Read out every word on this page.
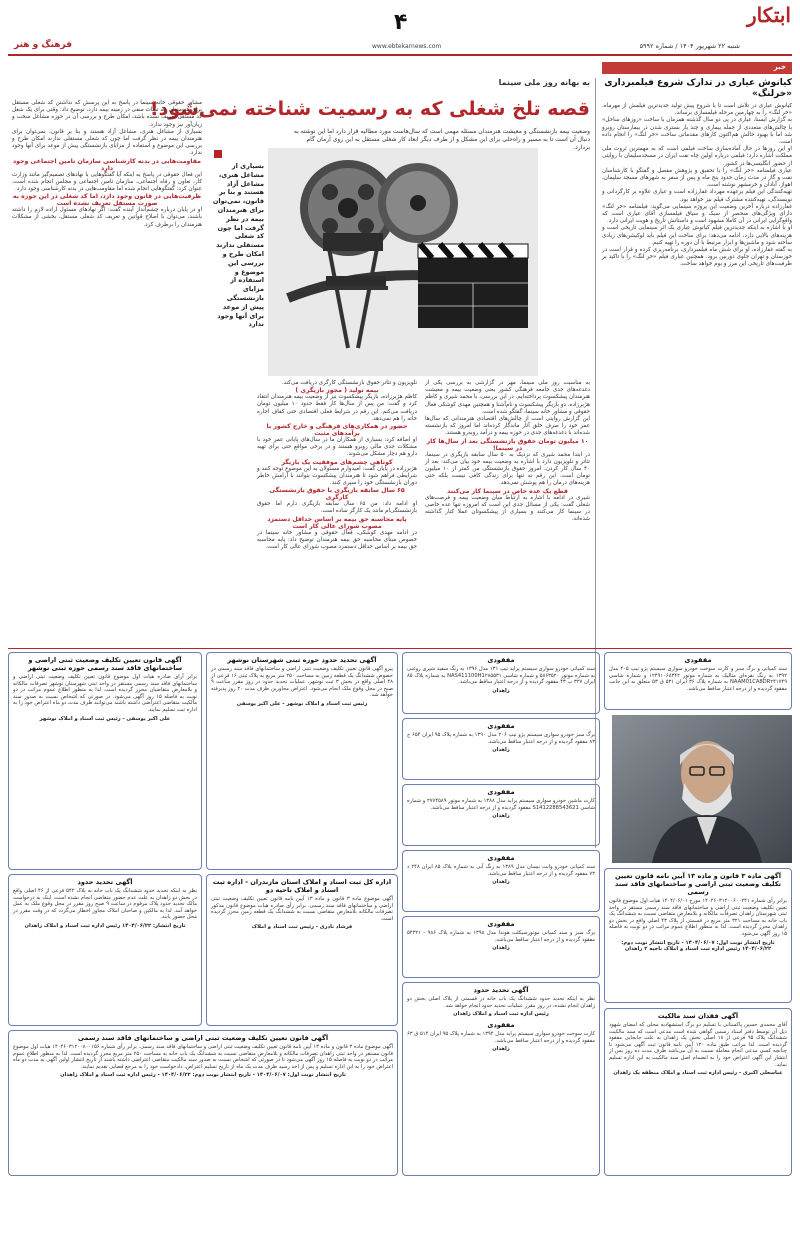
ابتکار
شنبه ۲۲ شهریور ۱۴۰۴ / شماره ۵۹۹۲
۴
www.ebtekarnews.com
فرهنگ و هنر
خبر
کیانوش عیاری در تدارک شروع فیلمبرداری «خرلنگ»
کیانوش عیاری در تلاش است تا با شروع پیش تولید جدیدترین فیلمش از مهرماه، «خر لنگ» را به چهارمین مرحله فیلمسازی برساند.
به گزارش ایسنا، عیاری در پی دو سال گذشته همزمان با ساخت «روزهای ساحل» با چالش‌های متعددی از جمله بیماری و چند بار بستری شدن در بیمارستان روبرو شد اما با بهبود حالش هم‌اکنون کارهای مقدماتی ساخت «خر لنگ» را انجام داده است.
او این روزها در حال آماده‌سازی ساخت فیلمی است که به مهمترین ثروت ملی مملکت اشاره دارد؛ فیلمی درباره اولین چاه نفت ایران در مسجدسلیمان با روایتی از حضور انگلیسی‌ها در کشور.
عیاری فیلمنامه «خر لنگ» را با تحقیق و پژوهش مفصل و گفتگو با کارشناسان نفت و گاز در مدت زمان حدود پنج ماه و پس از سفر به شهرهای مسجد سلیمان، اهواز، آبادان و خرمشهر نوشته است.
تهیه‌کنندگی این فیلم برعهده مهرداد غفارزاده است و عیاری علاوه بر کارگردانی و نویسندگی، تهیه‌کننده مشترک فیلم نیز خواهد بود.
غفارزاده درباره آخرین وضعیت این پروژه سینمایی می‌گوید: فیلمنامه «خر لنگ» دارای ویژگی‌های منحصر از سبک و سیاق فیلمسازی آقای عیاری است که واقع‌گرایی ایرانی در آن کاملا مشهود است و داستانش تاریخ و هویت ایرانی دارد.
او با اشاره به اینکه جدیدترین فیلم کیانوش عیاری یک اثر سینمایی تاریخی است و هزینه‌های بالایی دارد، ادامه می‌دهد: برای ساخت این فیلم باید لوکیشن‌های زیادی ساخته شود و ماشین‌ها و ابزار مرتبط با آن دوره را تهیه کنیم.
به گفته غفارزاده، او برای شش ماه فیلمبرداری، برنامه‌ریزی کرده و قرار است در خوزستان و تهران جلوی دوربین برود. همچنین عیاری فیلم «خر لنگ» را با تاکید بر ظرفیت‌های تاریخی این مرز و بوم خواهد ساخت.
به بهانه روز ملی سینما
قصه تلخ شغلی که به رسمیت شناخته نمی‌شود!
وضعیت بیمه بازنشستگی و معیشت هنرمندان مسئله مهمی است که سال‌هاست مورد مطالبه قرار دارد اما این نوشته به دنبال آن است تا به مسیر و راه‌حلی برای این مشکل و از طرف دیگر ابعاد کار شغلی مستقل به این روی آرمان گام بردارد.
بسیاری از مشاغل هنری، مشاغل آزاد هستند و بنا بر قانون، نمی‌توان برای هنرمندان بیمه در نظر گرفت اما چون کد شغلی مستقلی ندارند امکان طرح و بررسی این موضوع و استفاده از مزایای بازنشستگی پیش از موعد برای آنها وجود ندارد
به مناسبت روز ملی سینما، مهر در گزارشی به بررسی یکی از دغدغه‌های جدی جامعه فرهنگی کشور یعنی وضعیت بیمه و معیشت هنرمندان پیشکسوت پرداخته‌ایم. در این بررسی، با محمد شیری و کاظم هژبرزاده، دو بازیگر پیشکسوت و نام‌آشنا و همچنین مهدی کوشکی فعال حقوقی و مشاور خانه سینما، گفتگو شده است.
این گزارش روایتی است از چالش‌های اقتصادی هنرمندانی که سال‌ها عمر خود را صرف خلق آثار ماندگار کرده‌اند اما امروز که بازنشسته شده‌اند با دغدغه‌های جدی در حوزه بیمه و درآمد روبه‌رو هستند.
۱۰ میلیون تومان حقوق بازنشستگی بعد از سال‌ها کار در سینما!
در ابتدا محمد شیری که نزدیک به ۵۰ سال سابقه بازیگری در سینما، تئاتر و تلویزیون دارد با اشاره به وضعیت بیمه خود بیان می‌کند: بعد از ۴۰ سال کار کردن، امروز حقوق بازنشستگی من کمتر از ۱۰ میلیون تومان است. این رقم نه تنها برای زندگی کافی نیست بلکه حتی هزینه‌های درمان را هم پوشش نمی‌دهد.
قطع یک عده خاص در سینما کار می‌کنند
شیری در ادامه با اشاره به ارتباط میان وضعیت بیمه و فرصت‌های شغلی گفت: یکی از مسائل جدی این است که امروزه تنها عده خاصی در سینما کار می‌کنند و بسیاری از پیشکسوتان عملا کنار گذاشته شده‌اند.
تلویزیون و تئاتر حقوق بازنشستگی کارگری دریافت می‌کند.
بیمه تولید ( مجوز بازیگری )
کاظم هژبرزاده، بازیگر پیشکسوت نیز از وضعیت بیمه هنرمندان انتقاد کرد و گفت: من پس از سال‌ها کار فقط حدود ۱۰ میلیون تومان دریافت می‌کنم. این رقم در شرایط فعلی اقتصادی حتی کفاف اجاره خانه را هم نمی‌دهد.
حضور در همکاری‌های فرهنگی و خارج کشور با برآمدهای مثبت
او اضافه کرد: بسیاری از همکاران ما در سال‌های پایانی عمر خود با مشکلات جدی مالی روبرو هستند و در برخی مواقع حتی برای تهیه دارو هم دچار مشکل می‌شوند.
کوتاهی چشم‌های موفقیت یک بازیگر
هژبرزاده در پایان گفت: امیدوارم مسئولان به این موضوع توجه کنند و شرایطی فراهم شود تا هنرمندان پیشکسوت بتوانند با آرامش خاطر دوران بازنشستگی خود را سپری کنند.
۶۵ سال سابقه بازیگری با حقوق بازنشستگی کارگری
او ادامه داد: من ۶۵ سال سابقه بازیگری دارم اما حقوق بازنشستگی‌ام مانند یک کارگر ساده است.
پایه محاسبه حق بیمه بر اساس حداقل دستمزد مصوب شورای عالی کار است
در ادامه مهدی کوشکی، فعال حقوقی و مشاور خانه سینما در خصوص مبنای محاسبه حق بیمه هنرمندان توضیح داد: پایه محاسبه حق بیمه بر اساس حداقل دستمزد مصوب شورای عالی کار است.
مشاور حقوقی خانه سینما در پاسخ به این پرسش که نداشتن کد شغلی مستقل برای هنرمندان چه تبعات منفی در زمینه بیمه دارد، توضیح داد: وقتی برای یک شغل کد مستقل تعریف نشده باشد، امکان طرح و بررسی آن در حوزه مشاغل سخت و زیان‌آور نیز وجود ندارد.
بسیاری از مشاغل هنری، مشاغل آزاد هستند و بنا بر قانون، نمی‌توان برای هنرمندان بیمه در نظر گرفت اما چون کد شغلی مستقلی ندارند امکان طرح و بررسی این موضوع و استفاده از مزایای بازنشستگی پیش از موعد برای آنها وجود ندارد.
مقاومت‌هایی در بدنه کارشناسی سازمان تامین اجتماعی وجود دارد
این فعال حقوقی در پاسخ به اینکه آیا گفتگوهایی با نهادهای تصمیم‌گیر مانند وزارت کار، تعاون و رفاه اجتماعی، سازمان تامین اجتماعی و مجلس انجام شده است، عنوان کرد: گفتگوهایی انجام شده اما مقاومت‌هایی در بدنه کارشناسی وجود دارد.
ظرفیت‌هایی در قانون وجود دارد، اما کد شغلی در این حوزه به صورت مستقل تعریف نشده است
او در پایان درباره چشم‌انداز آینده گفت: اگر نهادهای مسئول اراده لازم را داشته باشند، می‌توان با اصلاح قوانین و تعریف کد شغلی مستقل، بخشی از مشکلات هنرمندان را برطرف کرد.
مفقودی
سند کمپانی و برگ سبز و کارت سوخت خودرو سواری سیستم پژو تیپ ۴۰۵ مدل ۱۳۹۲ به رنگ نقره‌ای متالیک به شماره موتور ۱۲۴۹۱۰۶۸۳۴۲ و شماره شاسی NAAM01CA8DR۲۴۱۷۴۹ به شماره پلاک ۳۶ ایران ۵۳۱ ق ۵۳ متعلق به این جانب مفقود گردیده و از درجه اعتبار ساقط می‌باشد.
آگهی ماده ۳ قانون و ماده ۱۳ آیین نامه قانون تعیین تکلیف وضعیت ثبتی اراضی و ساختمانهای فاقد سند رسمی
برابر رأی شماره ۱۴۰۴۶۰۳۱۲۰۰۶۰۰۲۴۱ مورخ ۱۴۰۴/۰۶/۰۱ هیات اول موضوع قانون تعیین تکلیف وضعیت ثبتی اراضی و ساختمانهای فاقد سند رسمی مستقر در واحد ثبتی شهرستان زاهدان تصرفات مالکانه و بلامعارض متقاضی نسبت به ششدانگ یک باب خانه به مساحت ۳۲۱ متر مربع در قسمتی از پلاک ۴۳ اصلی واقع در بخش دو زاهدان محرز گردیده است. لذا به منظور اطلاع عموم مراتب در دو نوبت به فاصله ۱۵ روز آگهی می‌شود.
تاریخ انتشار نوبت اول: ۱۴۰۴/۰۶/۰۷ - تاریخ انتشار نوبت دوم: ۱۴۰۴/۰۶/۲۲ رئیس اداره ثبت اسناد و املاک ناحیه ۲ زاهدان
آگهی فقدان سند مالکیت
آقای محمدی حسین پاکستانی با تسلیم دو برگ استشهادیه محلی که امضای شهود ذیل آن توسط دفتر اسناد رسمی گواهی شده است مدعی است که سند مالکیت ششدانگ پلاک ۹۵ فرعی از ۱۸ اصلی بخش یک زاهدان به علت جابجایی مفقود گردیده است. لذا مراتب طبق ماده ۱۲۰ آیین نامه قانون ثبت آگهی می‌شود تا چنانچه کسی مدعی انجام معامله نسبت به آن می‌باشد ظرف مدت ده روز پس از انتشار این آگهی اعتراض خود را به انضمام اصل سند مالکیت به این اداره تسلیم نماید.
عباسعلی اکبری - رئیس اداره ثبت اسناد و املاک منطقه یک زاهدان
مفقودی
سند کمپانی خودرو سواری سیستم پراید تیپ ۱۳۱ مدل ۱۳۹۶ به رنگ سفید شیری روغنی به شماره موتور ۵۸۶۳۵۲۰ و شماره شاسی NAS411100H1۲۸۵۵۳۱ به شماره پلاک ۸۵ ایران ۳۲۷ ب ۴۳ مفقود گردیده و از درجه اعتبار ساقط می‌باشد.
زاهدان
مفقودی
برگ سبز خودرو سواری سیستم پژو تیپ ۲۰۶ مدل ۱۳۹۰ به شماره پلاک ۹۵ ایران ۶۵۴ ج ۸۳ مفقود گردیده و از درجه اعتبار ساقط می‌باشد.
زاهدان
مفقودی
کارت ماشین خودرو سواری سیستم پراید مدل ۱۳۸۸ به شماره موتور ۲۷۷۴۵۸۹ و شماره شاسی S1412288543621 مفقود گردیده و از درجه اعتبار ساقط می‌باشد.
زاهدان
مفقودی
سند کمپانی خودرو وانت نیسان مدل ۱۳۸۹ به رنگ آبی به شماره پلاک ۸۵ ایران ۲۴۸ د ۷۳ مفقود گردیده و از درجه اعتبار ساقط می‌باشد.
زاهدان
مفقودی
برگ سبز و سند کمپانی موتورسیکلت هوندا مدل ۱۳۹۸ به شماره پلاک ۹۸۶ - ۵۴۳۲۱ مفقود گردیده و از درجه اعتبار ساقط می‌باشد.
زاهدان
آگهی تحدید حدود
نظر به اینکه تحدید حدود ششدانگ یک باب خانه در قسمتی از پلاک اصلی بخش دو زاهدان انجام نشده، در روز مقرر عملیات تحدید حدود انجام خواهد شد.
رئیس اداره ثبت اسناد و املاک زاهدان
مفقودی
کارت سوخت خودرو سواری سیستم پراید مدل ۱۳۹۴ به شماره پلاک ۹۵ ایران ۵۱۴ ق ۶۳ مفقود گردیده و از درجه اعتبار ساقط می‌باشد.
زاهدان
آگهی تحدید حدود حوزه ثبتی شهرستان نوشهر
پیرو آگهی قانون تعیین تکلیف وضعیت ثبتی اراضی و ساختمانهای فاقد سند رسمی در خصوص ششدانگ یک قطعه زمین به مساحت ۲۵۰ متر مربع به پلاک ثبتی ۱۶ فرعی از ۴۸ اصلی واقع در بخش ۳ ثبت نوشهر، عملیات تحدید حدود در روز مقرر ساعت ۹ صبح در محل وقوع ملک انجام می‌شود. اعتراض مجاورین ظرف مدت ۲۰ روز پذیرفته خواهد شد.
رئیس ثبت اسناد و املاک نوشهر - علی اکبر یوسفی
اداره کل ثبت اسناد و املاک استان مازندران - اداره ثبت اسناد و املاک ناحیه دو
آگهی موضوع ماده ۳ قانون و ماده ۱۳ آیین نامه قانون تعیین تکلیف وضعیت ثبتی اراضی و ساختمانهای فاقد سند رسمی. برابر رأی صادره هیات موضوع قانون مذکور تصرفات مالکانه بلامعارض متقاضی نسبت به ششدانگ یک قطعه زمین محرز گردیده است.
فرشاد نادری - رئیس ثبت اسناد و املاک
آگهی قانون تعیین تکلیف وضعیت ثبتی اراضی و ساختمانهای فاقد سند رسمی حوزه ثبتی نوشهر
برابر آرای صادره هیات اول موضوع قانون تعیین تکلیف وضعیت ثبتی اراضی و ساختمانهای فاقد سند رسمی مستقر در واحد ثبتی شهرستان نوشهر تصرفات مالکانه و بلامعارض متقاضیان محرز گردیده است. لذا به منظور اطلاع عموم مراتب در دو نوبت به فاصله ۱۵ روز آگهی می‌شود. در صورتی که اشخاص نسبت به صدور سند مالکیت متقاضی اعتراضی داشته باشند می‌توانند ظرف مدت دو ماه اعتراض خود را به اداره ثبت تسلیم نمایند.
علی اکبر یوسفی - رئیس ثبت اسناد و املاک نوشهر
آگهی تحدید حدود
نظر به اینکه تحدید حدود ششدانگ یک باب خانه به پلاک ۵۴۲ فرعی از ۴۶ اصلی واقع در بخش دو زاهدان به علت عدم حضور متقاضی انجام نشده است، اینک به درخواست مالک تحدید حدود پلاک مرقوم در ساعت ۹ صبح روز مقرر در محل وقوع ملک به عمل خواهد آمد. لذا به مالکین و صاحبان املاک مجاور اخطار می‌گردد که در وقت مقرر در محل حضور یابند.
تاریخ انتشار: ۱۴۰۴/۰۶/۲۲ رئیس اداره ثبت اسناد و املاک زاهدان
آگهی قانون تعیین تکلیف وضعیت ثبتی اراضی و ساختمانهای فاقد سند رسمی
آگهی موضوع ماده ۳ قانون و ماده ۱۳ آیین نامه قانون تعیین تکلیف وضعیت ثبتی اراضی و ساختمانهای فاقد سند رسمی. برابر رأی شماره ۱۴۰۴۶۰۳۱۲۰۰۸۰۰۱۵۶ هیات اول موضوع قانون مستقر در واحد ثبتی زاهدان تصرفات مالکانه و بلامعارض متقاضی نسبت به ششدانگ یک باب خانه به مساحت ۲۵۰ متر مربع محرز گردیده است. لذا به منظور اطلاع عموم مراتب در دو نوبت به فاصله ۱۵ روز آگهی می‌شود تا در صورتی که اشخاص نسبت به صدور سند مالکیت متقاضی اعتراضی داشته باشند از تاریخ انتشار اولین آگهی به مدت دو ماه اعتراض خود را به این اداره تسلیم و پس از اخذ رسید ظرف مدت یک ماه از تاریخ تسلیم اعتراض، دادخواست خود را به مرجع قضایی تقدیم نمایند.
تاریخ انتشار نوبت اول: ۱۴۰۴/۰۶/۰۷ - تاریخ انتشار نوبت دوم: ۱۴۰۴/۰۶/۲۲ - رئیس اداره ثبت اسناد و املاک زاهدان
